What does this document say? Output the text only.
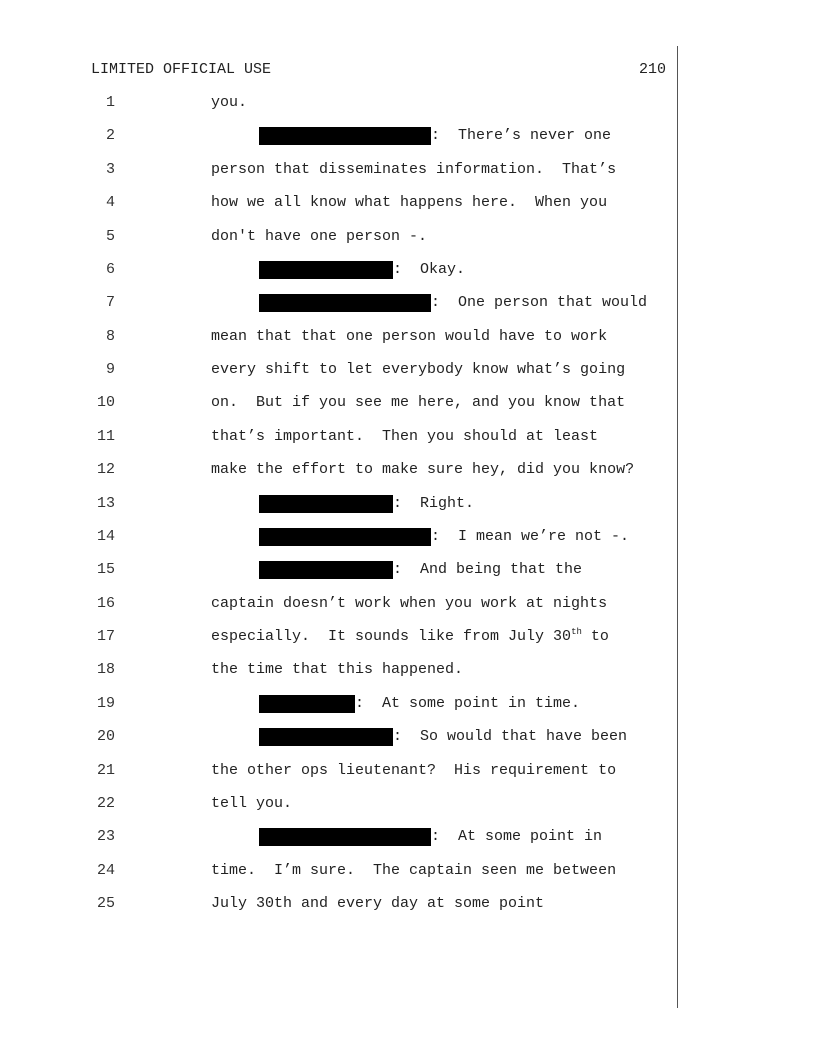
LIMITED OFFICIAL USE	210
1	you.
2	:  There’s never one
3	person that disseminates information.  That’s
4	how we all know what happens here.  When you
5	don't have one person -.
6	:  Okay.
7	:  One person that would
8	mean that that one person would have to work
9	every shift to let everybody know what’s going
10	on.  But if you see me here, and you know that
11	that’s important.  Then you should at least
12	make the effort to make sure hey, did you know?
13	:  Right.
14	:  I mean we’re not -.
15	:  And being that the
16	captain doesn’t work when you work at nights
17	especially.  It sounds like from July 30th to
18	the time that this happened.
19	:  At some point in time.
20	:  So would that have been
21	the other ops lieutenant?  His requirement to
22	tell you.
23	:  At some point in
24	time.  I’m sure.  The captain seen me between
25	July 30th and every day at some point
